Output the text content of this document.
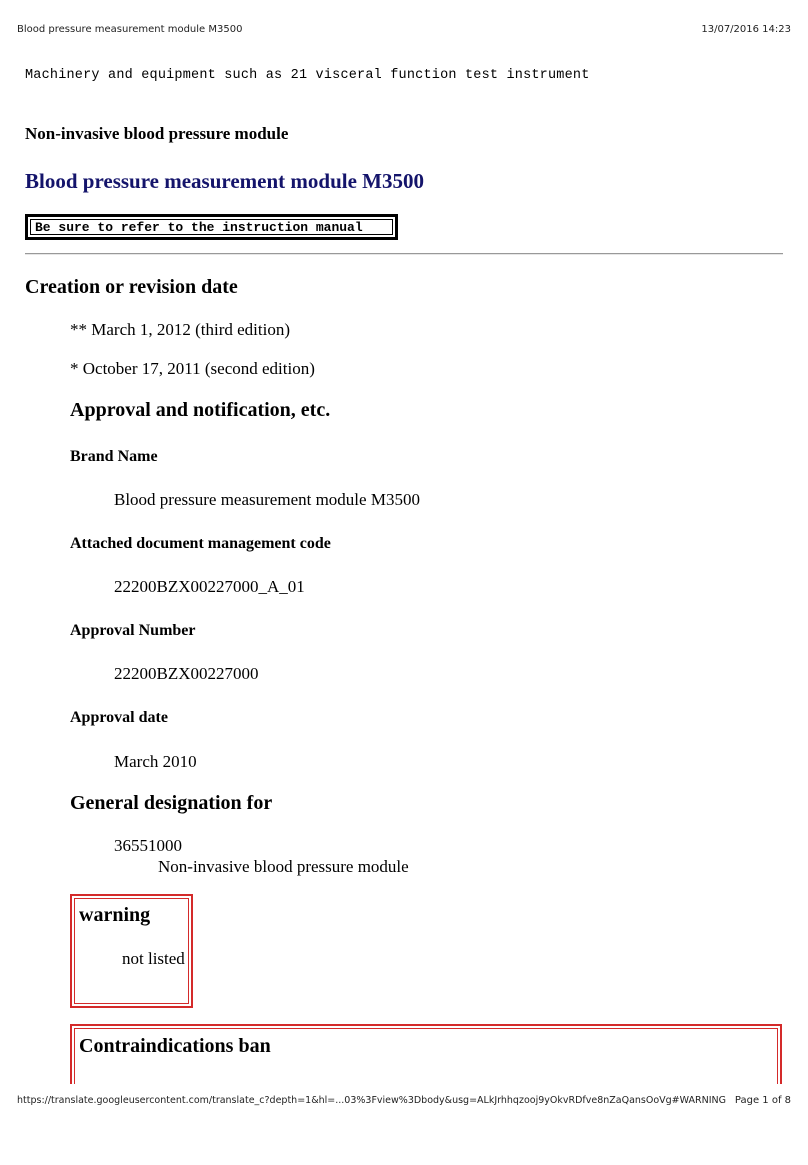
Blood pressure measurement module M3500	13/07/2016 14:23
Machinery and equipment such as 21 visceral function test instrument
Non-invasive blood pressure module
Blood pressure measurement module M3500
Be sure to refer to the instruction manual
Creation or revision date

** March 1, 2012 (third edition)

* October 17, 2011 (second edition)

Approval and notification, etc.
Brand Name

Blood pressure measurement module M3500

Attached document management code

22200BZX00227000_A_01

Approval Number

22200BZX00227000

Approval date

March 2010

General designation for

36551000

Non-invasive blood pressure module

warning

not listed

Contraindications ban
https://translate.googleusercontent.com/translate_c?depth=1&hl=...03%3Fview%3Dbody&usg=ALkJrhhqzooj9yOkvRDfve8nZaQansOoVg#WARNING Page 1 of 8
